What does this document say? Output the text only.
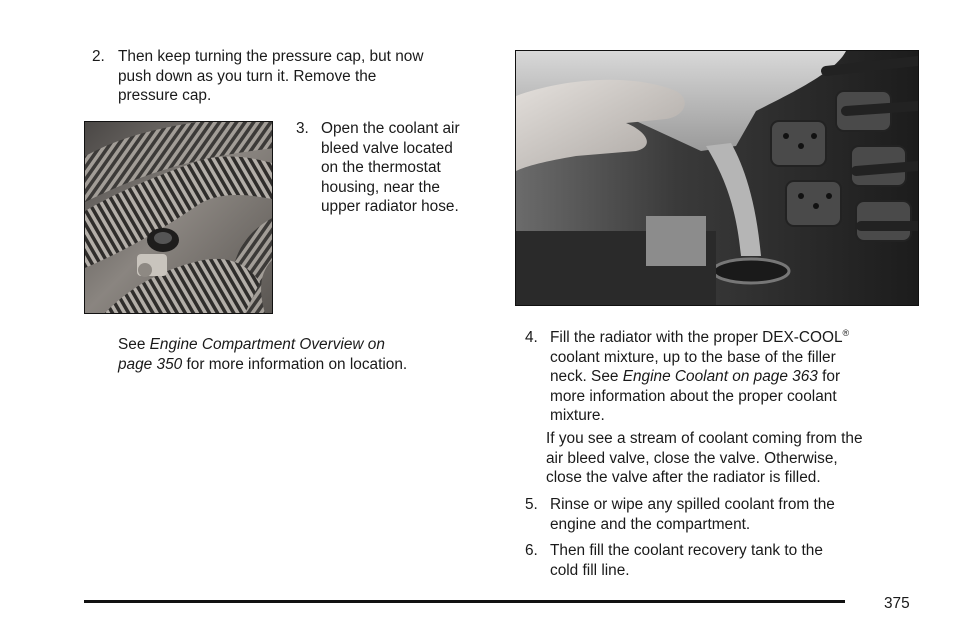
2. Then keep turning the pressure cap, but now
push down as you turn it. Remove the
pressure cap.
3. Open the coolant air
bleed valve located
on the thermostat
housing, near the
upper radiator hose.
See Engine Compartment Overview on
page 350 for more information on location.
4. Fill the radiator with the proper DEX-COOL®
coolant mixture, up to the base of the filler
neck. See Engine Coolant on page 363 for
more information about the proper coolant
mixture.
If you see a stream of coolant coming from the
air bleed valve, close the valve. Otherwise,
close the valve after the radiator is filled.
5. Rinse or wipe any spilled coolant from the
engine and the compartment.
6. Then fill the coolant recovery tank to the
cold fill line.
375
